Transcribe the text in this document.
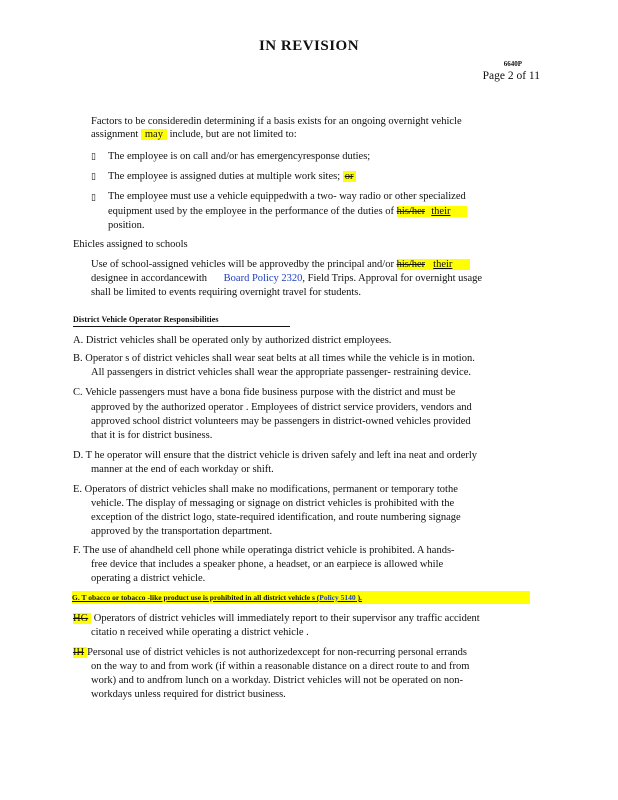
IN REVISION
6640P
Page 2 of 11
Factors to be consideredin determining if a basis exists for an ongoing overnight vehicle
assignment may include, but are not limited to:
▯ The employee is on call and/or has emergencyresponse duties;
▯ The employee is assigned duties at multiple work sites; or
▯ The employee must use a vehicle equippedwith a two- way radio or other specialized
equipment used by the employee in the performance of the duties of his/her their
position.
Ehicles assigned to schools
Use of school-assigned vehicles will be approvedby the principal and/or his/her their
designee in accordancewith Board Policy 2320, Field Trips. Approval for overnight usage
shall be limited to events requiring overnight travel for students.
District Vehicle Operator Responsibilities
A. District vehicles shall be operated only by authorized district employees.
B. Operator s of district vehicles shall wear seat belts at all times while the vehicle is in motion.
All passengers in district vehicles shall wear the appropriate passenger- restraining device.
C. Vehicle passengers must have a bona fide business purpose with the district and must be
approved by the authorized operator . Employees of district service providers, vendors and
approved school district volunteers may be passengers in district-owned vehicles provided
that it is for district business.
D. T he operator will ensure that the district vehicle is driven safely and left ina neat and orderly
manner at the end of each workday or shift.
E. Operators of district vehicles shall make no modifications, permanent or temporary tothe
vehicle. The display of messaging or signage on district vehicles is prohibited with the
exception of the district logo, state-required identification, and route numbering signage
approved by the transportation department.
F. The use of ahandheld cell phone while operatinga district vehicle is prohibited. A hands-
free device that includes a speaker phone, a headset, or an earpiece is allowed while
operating a district vehicle.
G. T obacco or tobacco -like product use is prohibited in all district vehicle s (Policy 5140 ).
HG Operators of district vehicles will immediately report to their supervisor any traffic accident
citatio n received while operating a district vehicle .
IH Personal use of district vehicles is not authorizedexcept for non-recurring personal errands
on the way to and from work (if within a reasonable distance on a direct route to and from
work) and to andfrom lunch on a workday. District vehicles will not be operated on non-
workdays unless required for district business.
